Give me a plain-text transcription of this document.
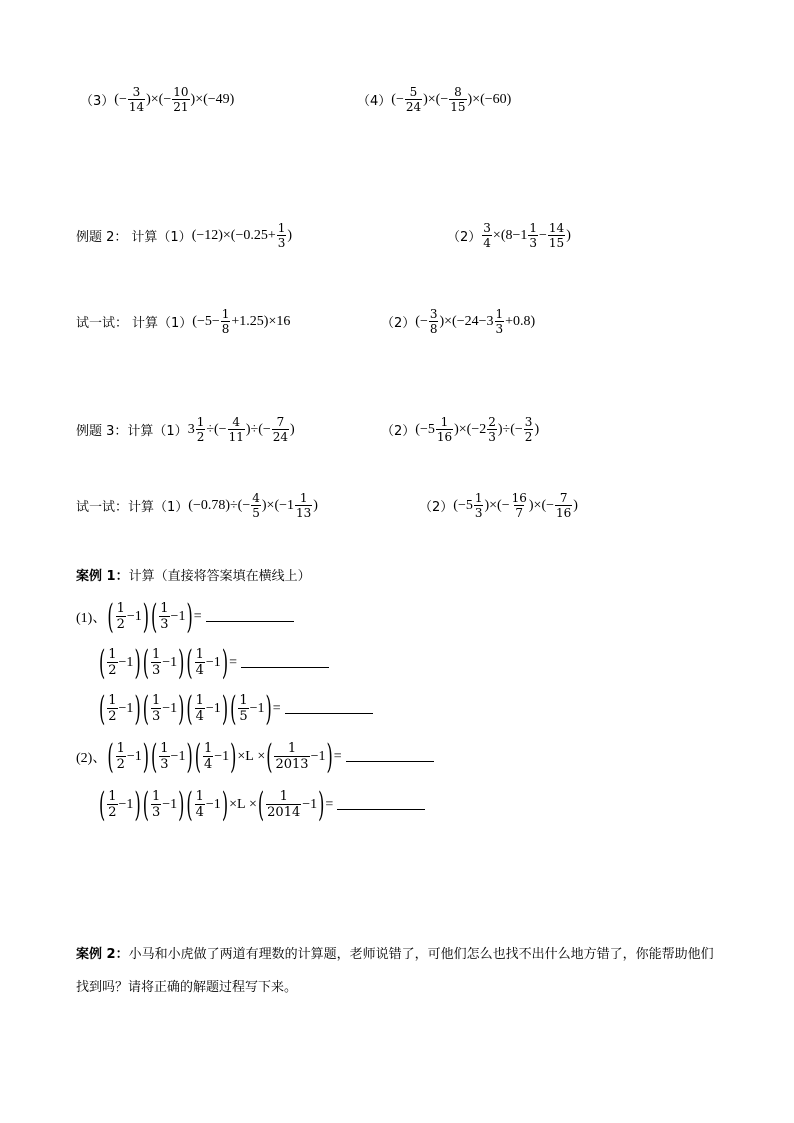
（3） (− $\frac{3}{14}$ )×(− $\frac{10}{21} )\times(-49)$	（4） (− $\frac{5}{24}$ )×(− $\frac{8}{15} )\times(-60)$
例题 2： 计算（1） $(-12)\times(-0.25+ \frac{1}{3}$ )	$(2) \frac{3}{4} \times(8-1$ 1
3
− $\frac{14}{15}$ )
试一试： 计算（1） $(-5- \frac{1}{8} +1.25)\times 16$	（2） (− $\frac{3}{8} )\times(-24-3$ 1
3
+0.8)
例题 3：计算（1） $3 \frac{1}{2}$ ÷(− $\frac{4}{11}$ )÷(− $\frac{7}{24}$ )	（2） (−5 1
16
)×(−2 2
3
)÷(− $\frac{3}{2}$ )
试一试：计算（1） $(-0.78)\div(- \frac{4}{5} )\times(-1$ 1
13
)	（2） (−5 1
3
)×(− $\frac{16}{7}$ )×(− $\frac{7}{16}$ )
案例 1： 计算（直接将答案填在横线上）
(1)、 ( 1
2
−1 ) ( 1
3
−1 ) =
( 1
2
−1 ) ( 1
3
−1 ) ( 1
4
−1 ) =
( 1
2
−1 ) ( 1
3
−1 ) ( 1
4
−1 ) ( 1
5
−1 ) =
(2)、 ( 1
2
−1 ) ( 1
3
−1 ) ( 1
4
−1 ) ×L × ( 1
2013
−1 ) =
( 1
2
−1 ) ( 1
3
−1 ) ( 1
4
−1 ) ×L × ( 1
2014
−1 ) =
案例 2：小马和小虎做了两道有理数的计算题，老师说错了，可他们怎么也找不出什么地方错了，你能帮助他们找到吗？请将正确的解题过程写下来。
